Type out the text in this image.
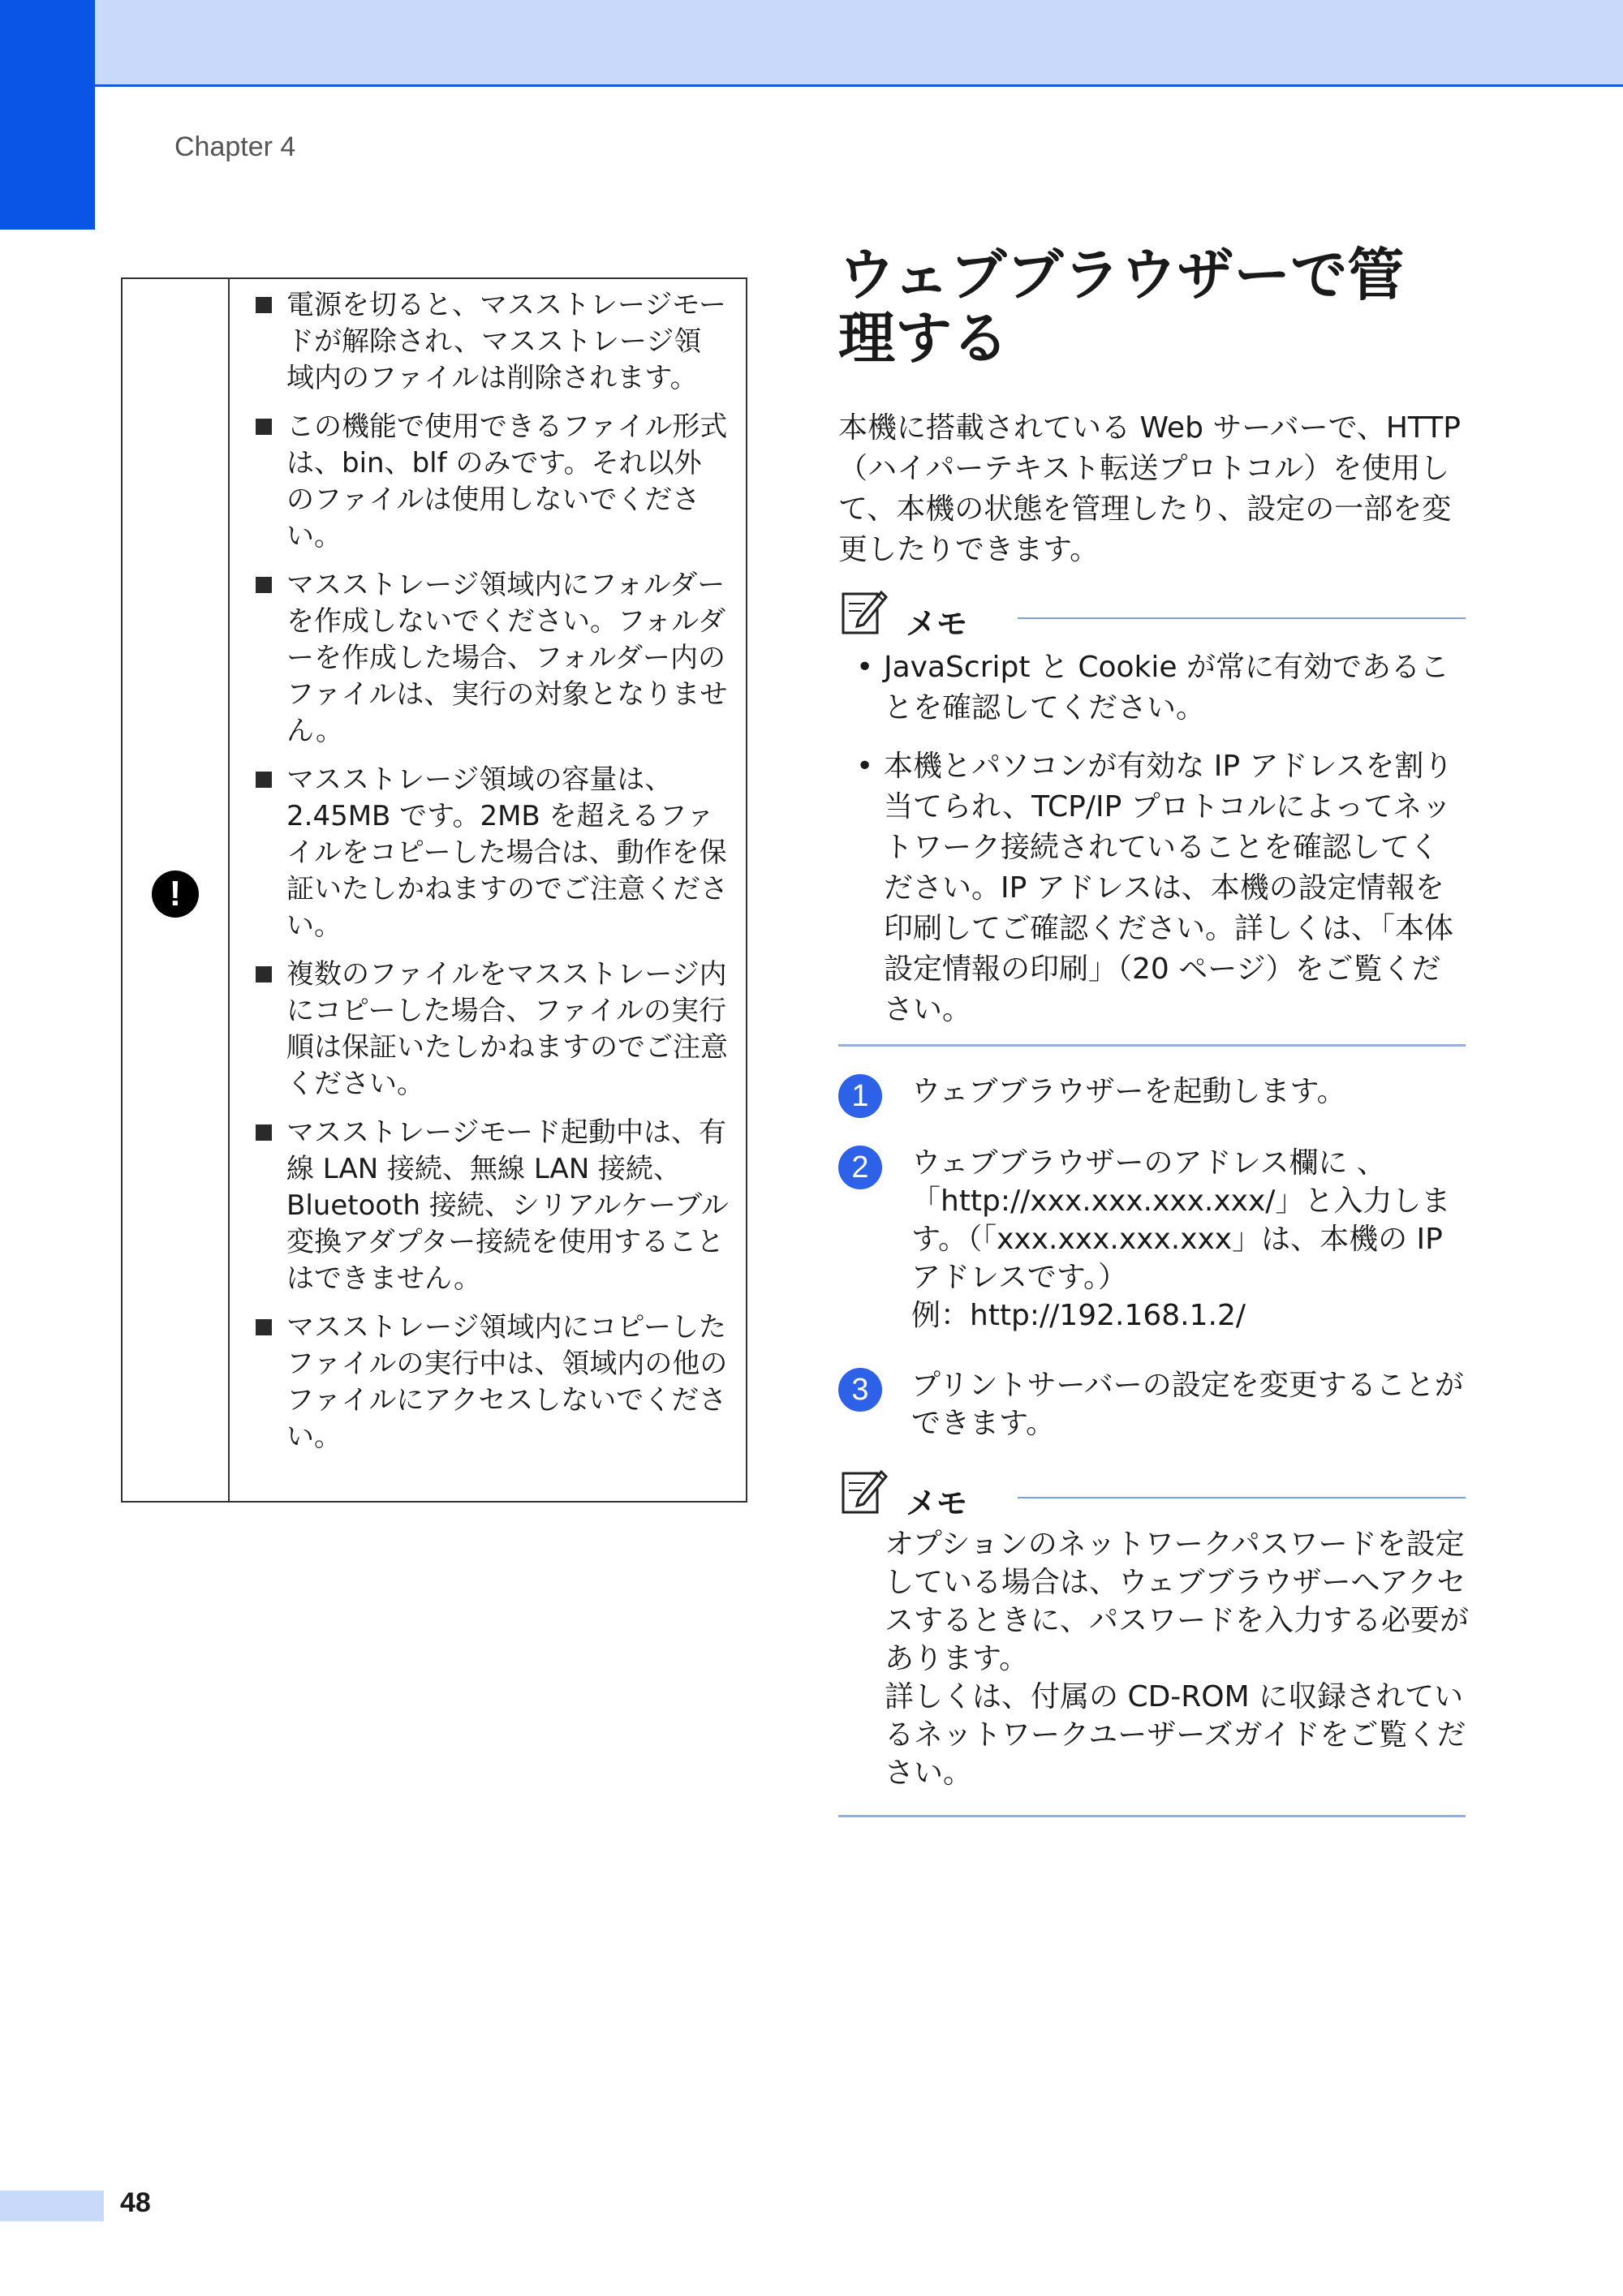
Chapter 4
!
電源を切ると、マスストレージモードが解除され、マスストレージ領域内のファイルは削除されます。
この機能で使用できるファイル形式は、bin、blf のみです。それ以外のファイルは使用しないでください。
マスストレージ領域内にフォルダーを作成しないでください。フォルダーを作成した場合、フォルダー内のファイルは、実行の対象となりません。
マスストレージ領域の容量は、2.45MB です。2MB を超えるファイルをコピーした場合は、動作を保証いたしかねますのでご注意ください。
複数のファイルをマスストレージ内にコピーした場合、ファイルの実行順は保証いたしかねますのでご注意ください。
マスストレージモード起動中は、有線 LAN 接続、無線 LAN 接続、Bluetooth 接続、シリアルケーブル変換アダプター接続を使用することはできません。
マスストレージ領域内にコピーしたファイルの実行中は、領域内の他のファイルにアクセスしないでください。
ウェブブラウザーで管
理する

本機に搭載されている Web サーバーで、HTTP（ハイパーテキスト転送プロトコル）を使用して、本機の状態を管理したり、設定の一部を変更したりできます。

メモ
• JavaScript と Cookie が常に有効であることを確認してください。
• 本機とパソコンが有効な IP アドレスを割り当てられ、TCP/IP プロトコルによってネットワーク接続されていることを確認してください。IP アドレスは、本機の設定情報を印刷してご確認ください。詳しくは、「本体設定情報の印刷」（20 ページ）をご覧ください。
1	ウェブブラウザーを起動します。
2	ウェブブラウザーのアドレス欄に 、「http://xxx.xxx.xxx.xxx/」と入力します。（「xxx.xxx.xxx.xxx」は、本機の IP アドレスです。）
例：http://192.168.1.2/
3	プリントサーバーの設定を変更することができます。
メモ
オプションのネットワークパスワードを設定している場合は、ウェブブラウザーへアクセスするときに、パスワードを入力する必要があります。
詳しくは、付属の CD-ROM に収録されているネットワークユーザーズガイドをご覧ください。
48
